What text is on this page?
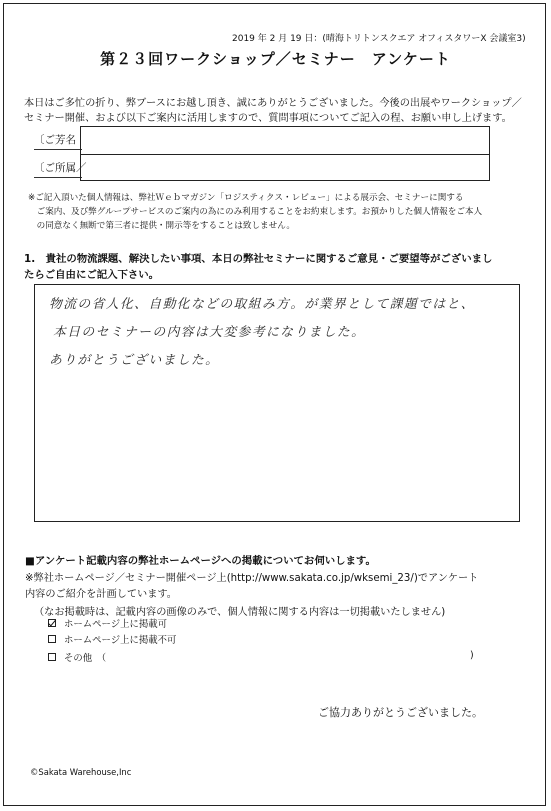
2019 年 2 月 19 日：(晴海トリトンスクエア オフィスタワーX 会議室3)
第２３回ワークショップ／セミナー　アンケート
本日はご多忙の折り、弊ブースにお越し頂き、誠にありがとうございました。今後の出展やワークショップ／
セミナー開催、および以下ご案内に活用しますので、質問事項についてご記入の程、お願い申し上げます。
〔ご芳名
〔ご所属／
※ご記入頂いた個人情報は、弊社Ｗｅｂマガジン「ロジスティクス・レビュー」による展示会、セミナーに関する
　ご案内、及び弊グループサービスのご案内の為にのみ利用することをお約束します。お預かりした個人情報をご本人
　の同意なく無断で第三者に提供・開示等をすることは致しません。
1.　貴社の物流課題、解決したい事項、本日の弊社セミナーに関するご意見・ご要望等がございまし
たらご自由にご記入下さい。
物流の省人化、自動化などの取組み方。が業界として課題ではと、
本日のセミナーの内容は大変参考になりました。
ありがとうございました。
■アンケート記載内容の弊社ホームページへの掲載についてお伺いします。
※弊社ホームページ／セミナー開催ページ上(http://www.sakata.co.jp/wksemi_23/)でアンケート
内容のご紹介を計画しています。
（なお掲載時は、記載内容の画像のみで、個人情報に関する内容は一切掲載いたしません)
ホームページ上に掲載可
ホームページ上に掲載不可
その他　（	)
ご協力ありがとうございました。
©Sakata Warehouse,Inc
